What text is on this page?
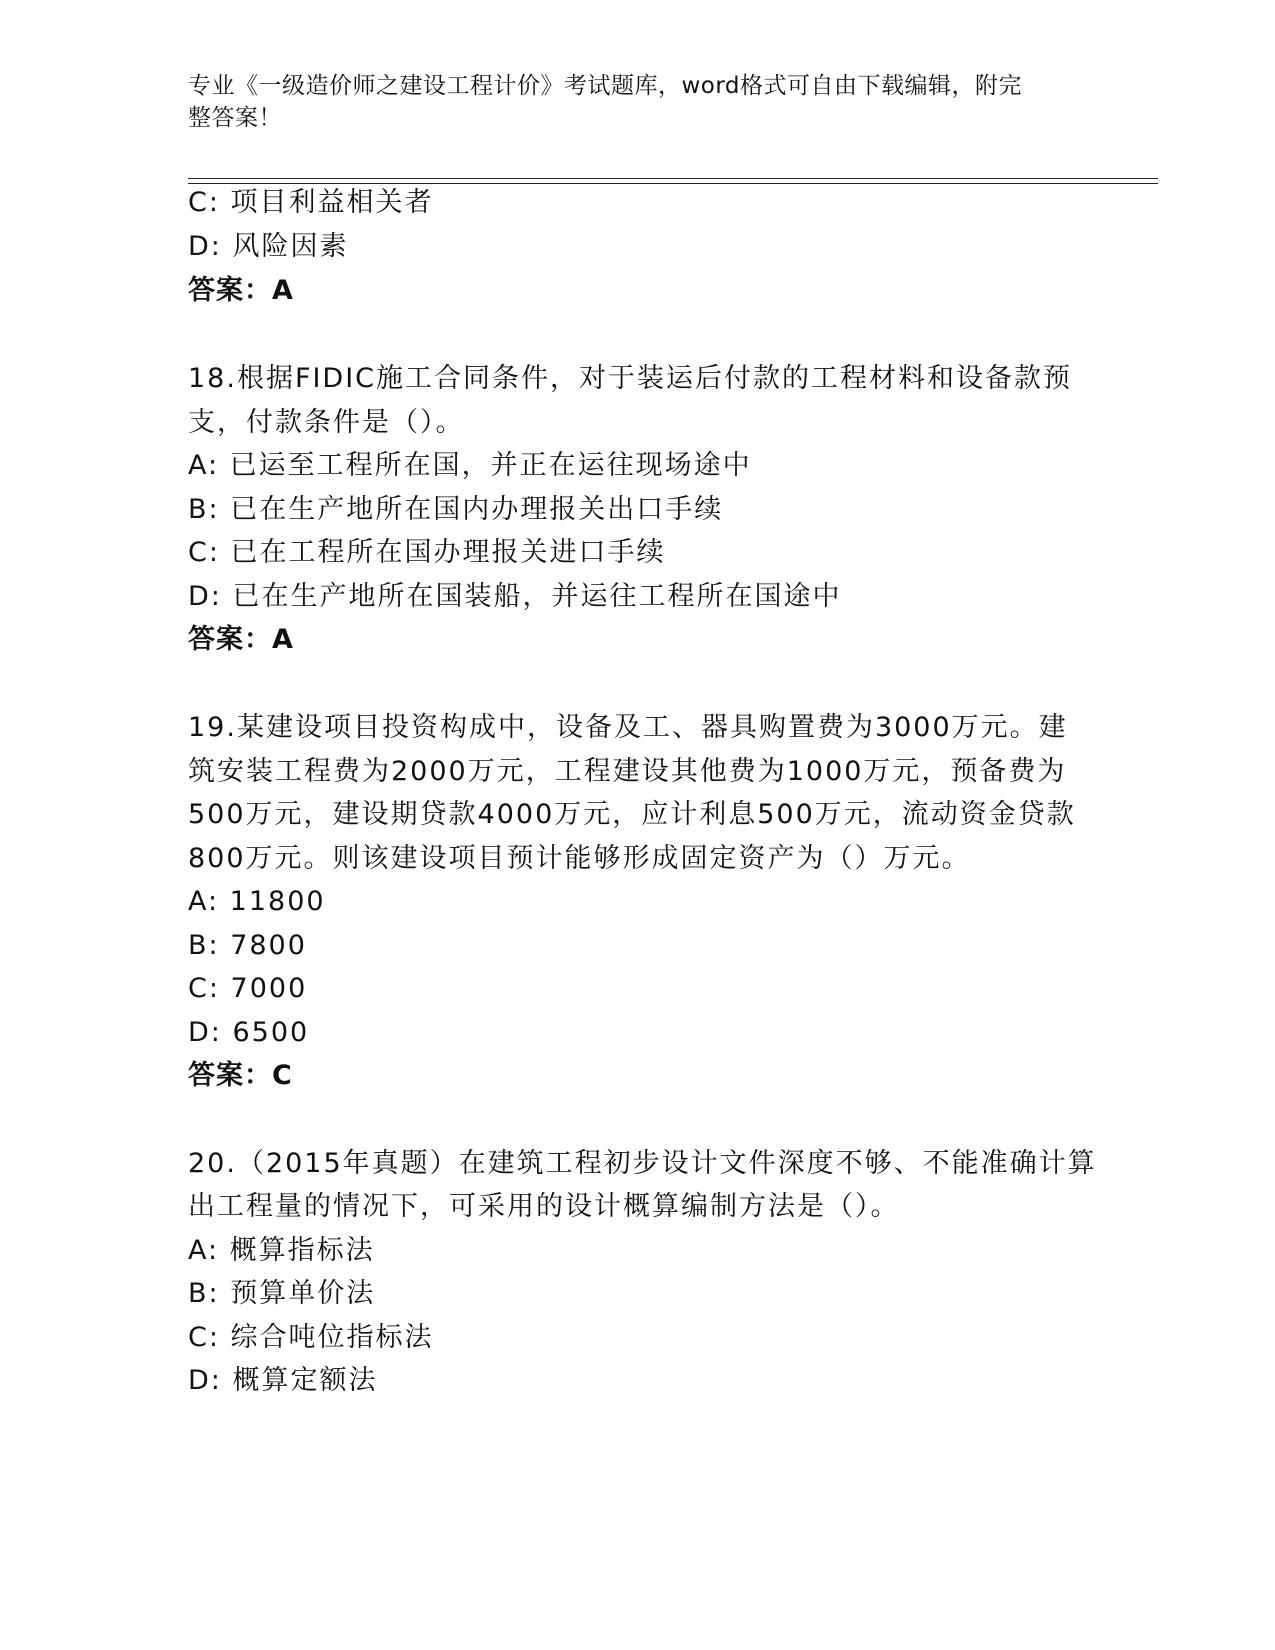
专业《一级造价师之建设工程计价》考试题库，word格式可自由下载编辑，附完
整答案！
C: 项目利益相关者
D: 风险因素
答案：A
18.根据FIDIC施工合同条件，对于装运后付款的工程材料和设备款预
支，付款条件是（）。
A: 已运至工程所在国，并正在运往现场途中
B: 已在生产地所在国内办理报关出口手续
C: 已在工程所在国办理报关进口手续
D: 已在生产地所在国装船，并运往工程所在国途中
答案：A
19.某建设项目投资构成中，设备及工、器具购置费为3000万元。建
筑安装工程费为2000万元，工程建设其他费为1000万元，预备费为
500万元，建设期贷款4000万元，应计利息500万元，流动资金贷款
800万元。则该建设项目预计能够形成固定资产为（）万元。
A: 11800
B: 7800
C: 7000
D: 6500
答案：C
20.（2015年真题）在建筑工程初步设计文件深度不够、不能准确计算
出工程量的情况下，可采用的设计概算编制方法是（）。
A: 概算指标法
B: 预算单价法
C: 综合吨位指标法
D: 概算定额法
